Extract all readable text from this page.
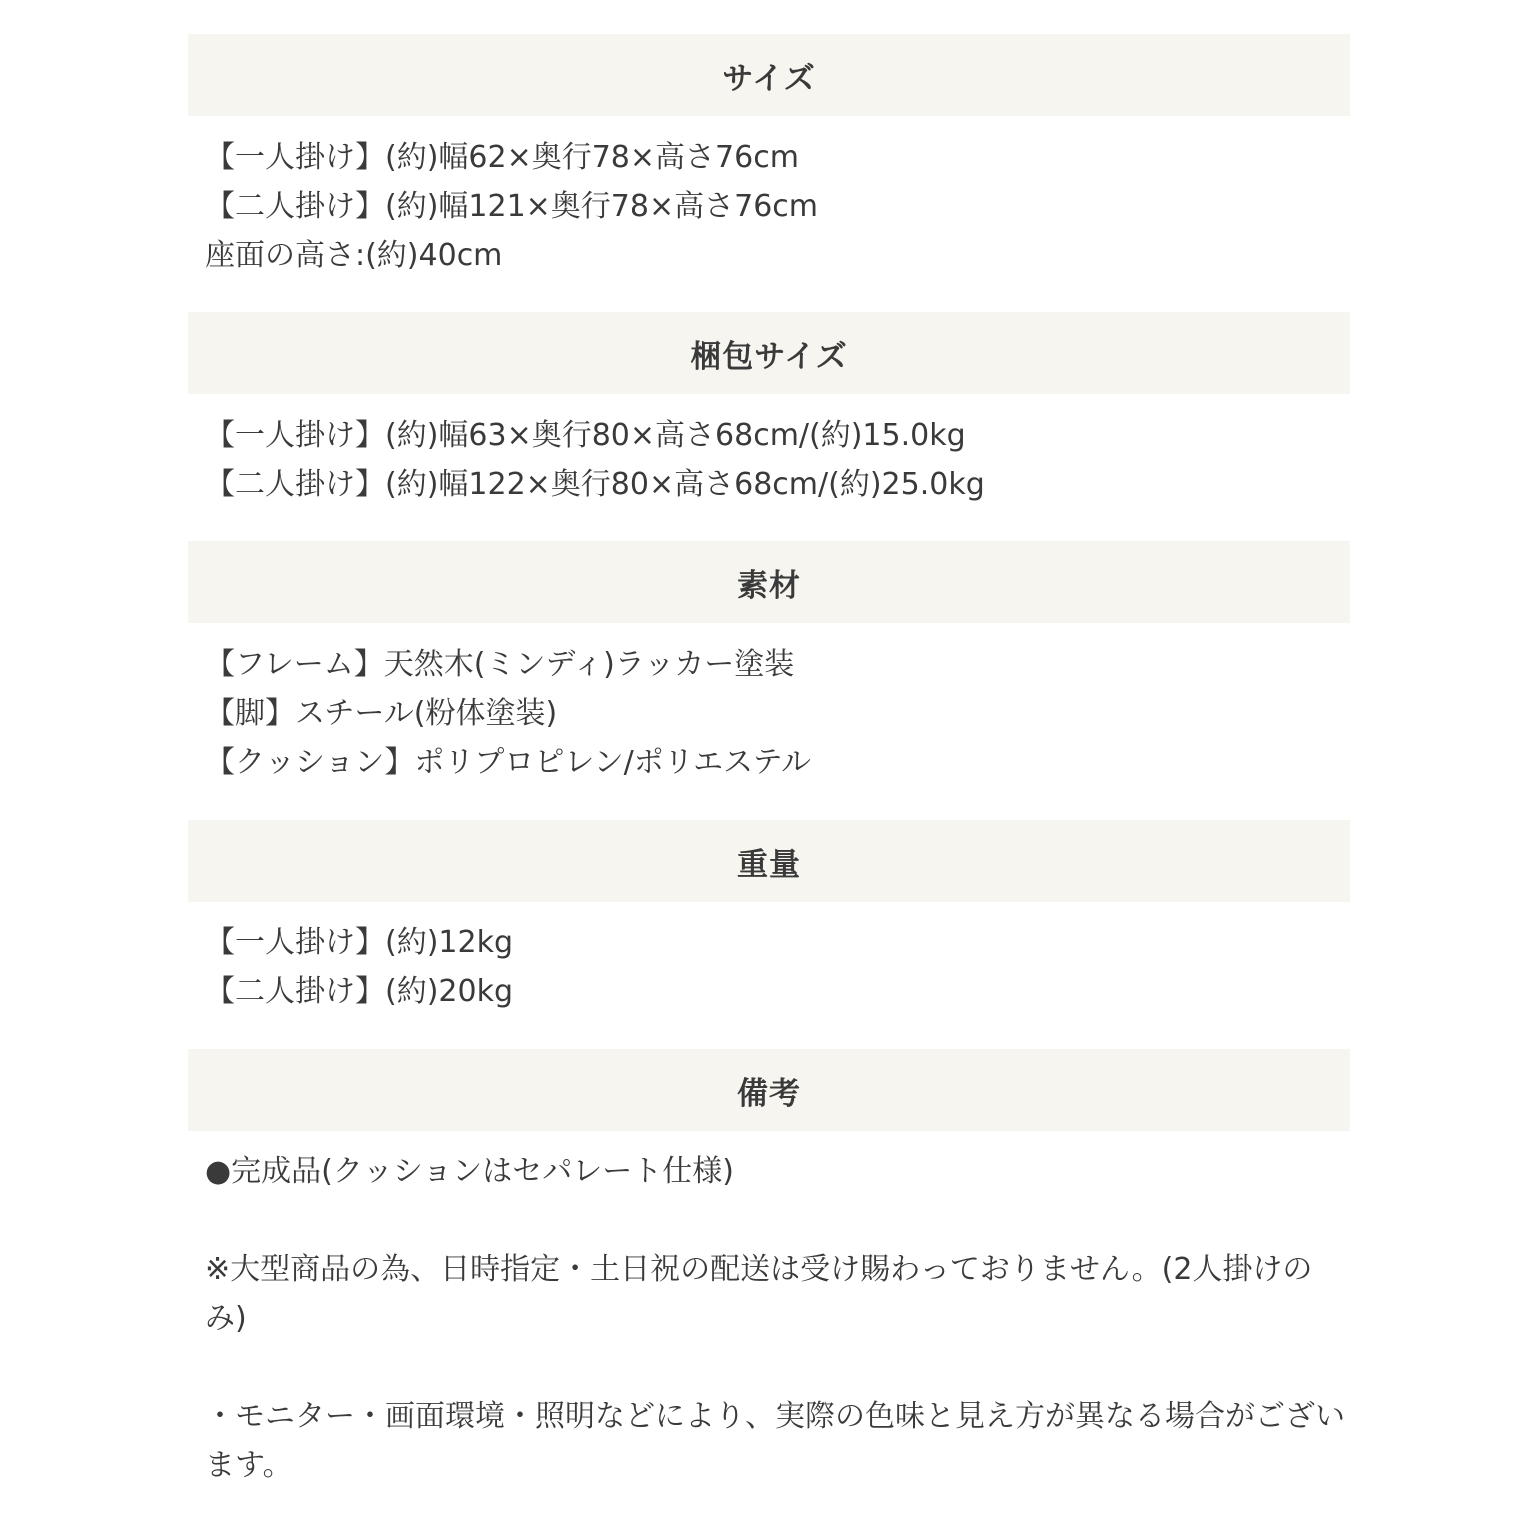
サイズ
【一人掛け】(約)幅62×奥行78×高さ76cm
【二人掛け】(約)幅121×奥行78×高さ76cm
座面の高さ:(約)40cm
梱包サイズ
【一人掛け】(約)幅63×奥行80×高さ68cm/(約)15.0kg
【二人掛け】(約)幅122×奥行80×高さ68cm/(約)25.0kg
素材
【フレーム】天然木(ミンディ)ラッカー塗装
【脚】スチール(粉体塗装)
【クッション】ポリプロピレン/ポリエステル
重量
【一人掛け】(約)12kg
【二人掛け】(約)20kg
備考

●完成品(クッションはセパレート仕様)

※大型商品の為、日時指定・土日祝の配送は受け賜わっておりません。(2人掛けのみ)

・モニター・画面環境・照明などにより、実際の色味と見え方が異なる場合がございます。
